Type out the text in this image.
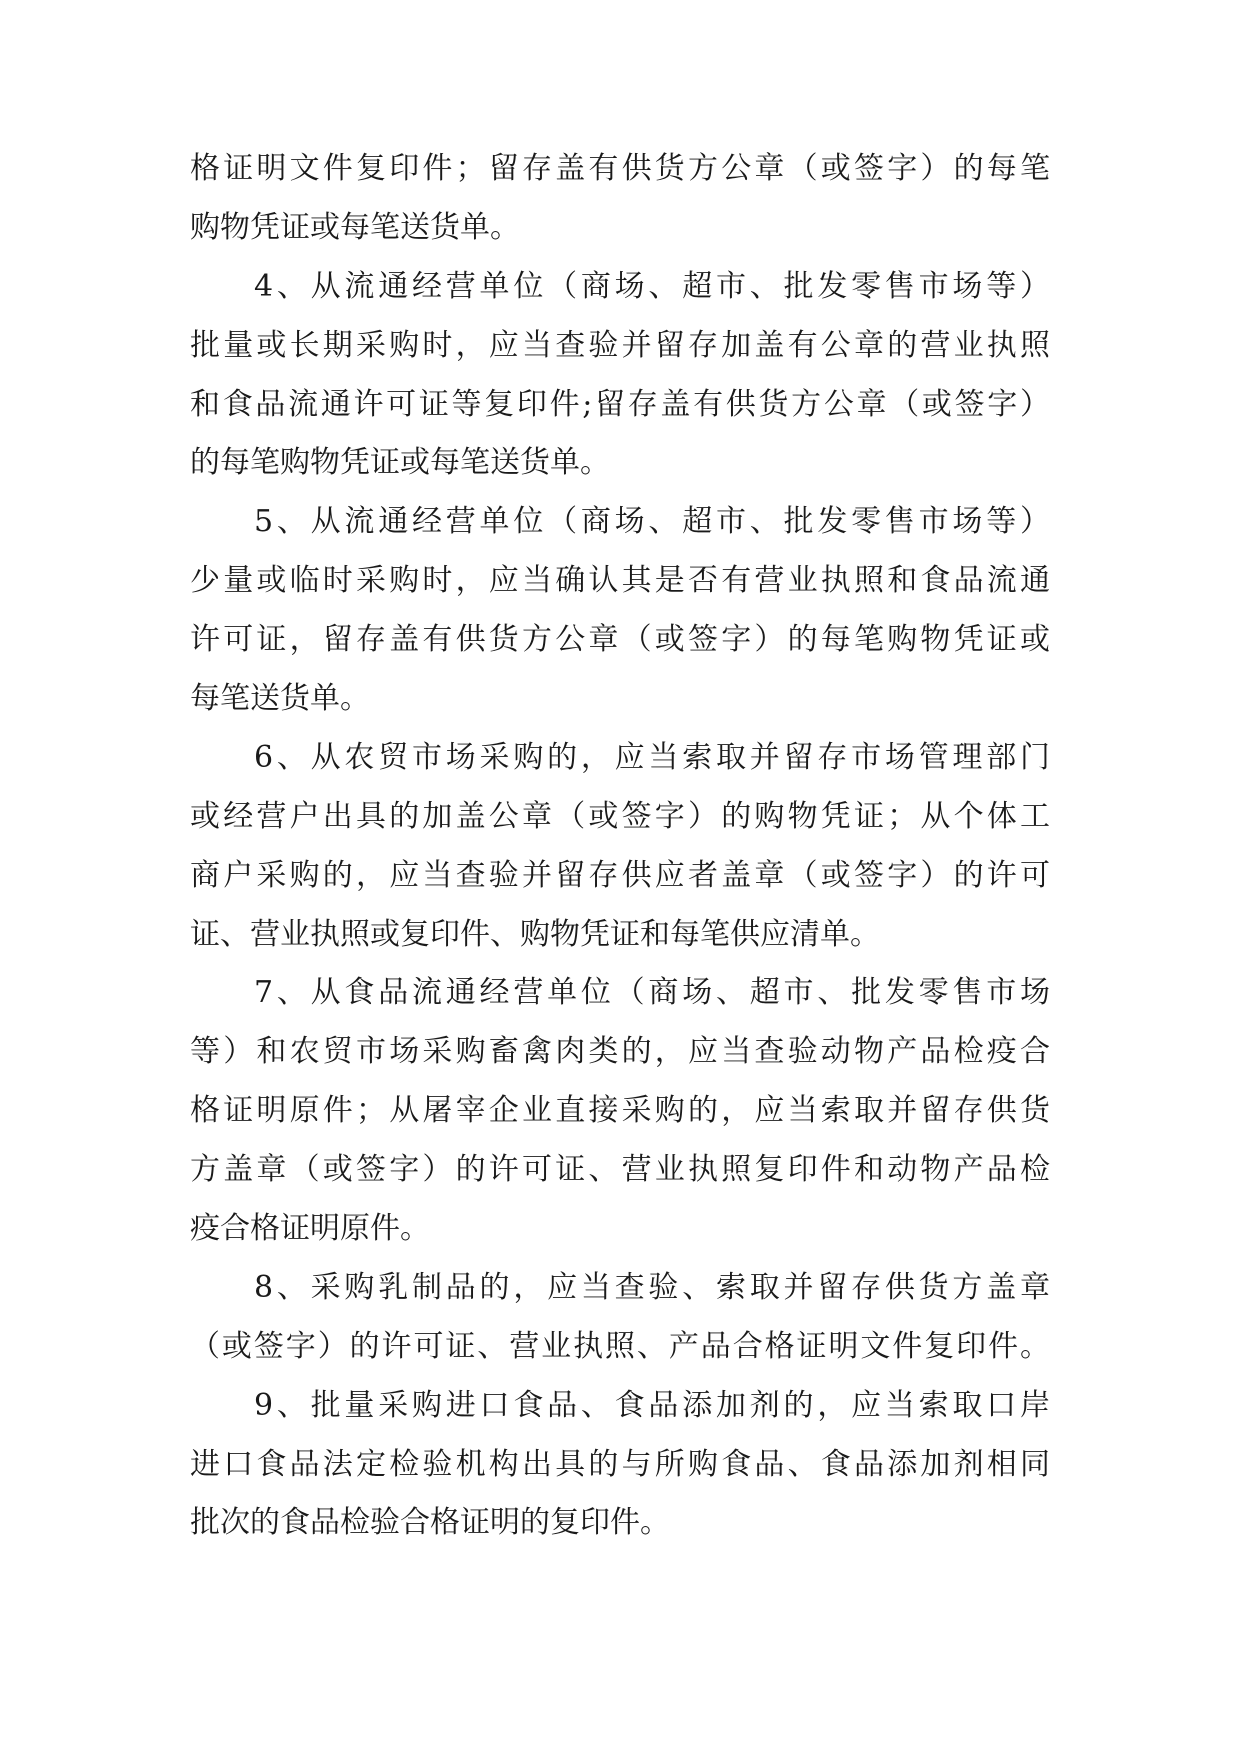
格证明文件复印件；留存盖有供货方公章（或签字）的每笔
购物凭证或每笔送货单。
4、从流通经营单位（商场、超市、批发零售市场等）
批量或长期采购时，应当查验并留存加盖有公章的营业执照
和食品流通许可证等复印件;留存盖有供货方公章（或签字）
的每笔购物凭证或每笔送货单。
5、从流通经营单位（商场、超市、批发零售市场等）
少量或临时采购时，应当确认其是否有营业执照和食品流通
许可证，留存盖有供货方公章（或签字）的每笔购物凭证或
每笔送货单。
6、从农贸市场采购的，应当索取并留存市场管理部门
或经营户出具的加盖公章（或签字）的购物凭证；从个体工
商户采购的，应当查验并留存供应者盖章（或签字）的许可
证、营业执照或复印件、购物凭证和每笔供应清单。
7、从食品流通经营单位（商场、超市、批发零售市场
等）和农贸市场采购畜禽肉类的，应当查验动物产品检疫合
格证明原件；从屠宰企业直接采购的，应当索取并留存供货
方盖章（或签字）的许可证、营业执照复印件和动物产品检
疫合格证明原件。
8、采购乳制品的，应当查验、索取并留存供货方盖章
（或签字）的许可证、营业执照、产品合格证明文件复印件。
9、批量采购进口食品、食品添加剂的，应当索取口岸
进口食品法定检验机构出具的与所购食品、食品添加剂相同
批次的食品检验合格证明的复印件。
